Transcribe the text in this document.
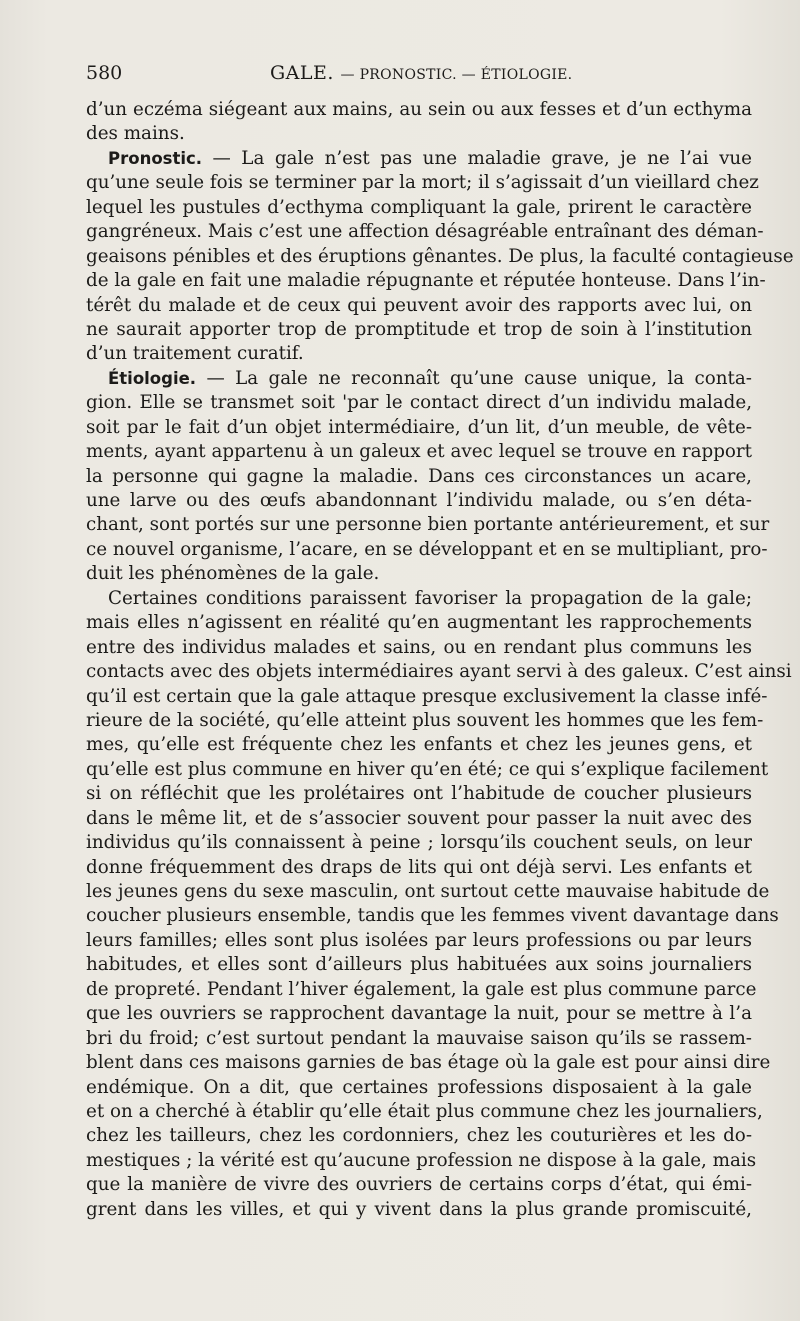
580	GALE. — PRONOSTIC. — ÉTIOLOGIE.
d’un eczéma siégeant aux mains, au sein ou aux fesses et d’un ecthyma
des mains.
Pronostic. — La gale n’est pas une maladie grave, je ne l’ai vue
qu’une seule fois se terminer par la mort; il s’agissait d’un vieillard chez
lequel les pustules d’ecthyma compliquant la gale, prirent le caractère
gangréneux. Mais c’est une affection désagréable entraînant des déman-
geaisons pénibles et des éruptions gênantes. De plus, la faculté contagieuse
de la gale en fait une maladie répugnante et réputée honteuse. Dans l’in-
térêt du malade et de ceux qui peuvent avoir des rapports avec lui, on
ne saurait apporter trop de promptitude et trop de soin à l’institution
d’un traitement curatif.
Étiologie. — La gale ne reconnaît qu’une cause unique, la conta-
gion. Elle se transmet soit 'par le contact direct d’un individu malade,
soit par le fait d’un objet intermédiaire, d’un lit, d’un meuble, de vête-
ments, ayant appartenu à un galeux et avec lequel se trouve en rapport
la personne qui gagne la maladie. Dans ces circonstances un acare,
une larve ou des œufs abandonnant l’individu malade, ou s’en déta-
chant, sont portés sur une personne bien portante antérieurement, et sur
ce nouvel organisme, l’acare, en se développant et en se multipliant, pro-
duit les phénomènes de la gale.
Certaines conditions paraissent favoriser la propagation de la gale;
mais elles n’agissent en réalité qu’en augmentant les rapprochements
entre des individus malades et sains, ou en rendant plus communs les
contacts avec des objets intermédiaires ayant servi à des galeux. C’est ainsi
qu’il est certain que la gale attaque presque exclusivement la classe infé-
rieure de la société, qu’elle atteint plus souvent les hommes que les fem-
mes, qu’elle est fréquente chez les enfants et chez les jeunes gens, et
qu’elle est plus commune en hiver qu’en été; ce qui s’explique facilement
si on réfléchit que les prolétaires ont l’habitude de coucher plusieurs
dans le même lit, et de s’associer souvent pour passer la nuit avec des
individus qu’ils connaissent à peine ; lorsqu’ils couchent seuls, on leur
donne fréquemment des draps de lits qui ont déjà servi. Les enfants et
les jeunes gens du sexe masculin, ont surtout cette mauvaise habitude de
coucher plusieurs ensemble, tandis que les femmes vivent davantage dans
leurs familles; elles sont plus isolées par leurs professions ou par leurs
habitudes, et elles sont d’ailleurs plus habituées aux soins journaliers
de propreté. Pendant l’hiver également, la gale est plus commune parce
que les ouvriers se rapprochent davantage la nuit, pour se mettre à l’a
bri du froid; c’est surtout pendant la mauvaise saison qu’ils se rassem-
blent dans ces maisons garnies de bas étage où la gale est pour ainsi dire
endémique. On a dit, que certaines professions disposaient à la gale
et on a cherché à établir qu’elle était plus commune chez les journaliers,
chez les tailleurs, chez les cordonniers, chez les couturières et les do-
mestiques ; la vérité est qu’aucune profession ne dispose à la gale, mais
que la manière de vivre des ouvriers de certains corps d’état, qui émi-
grent dans les villes, et qui y vivent dans la plus grande promiscuité,
